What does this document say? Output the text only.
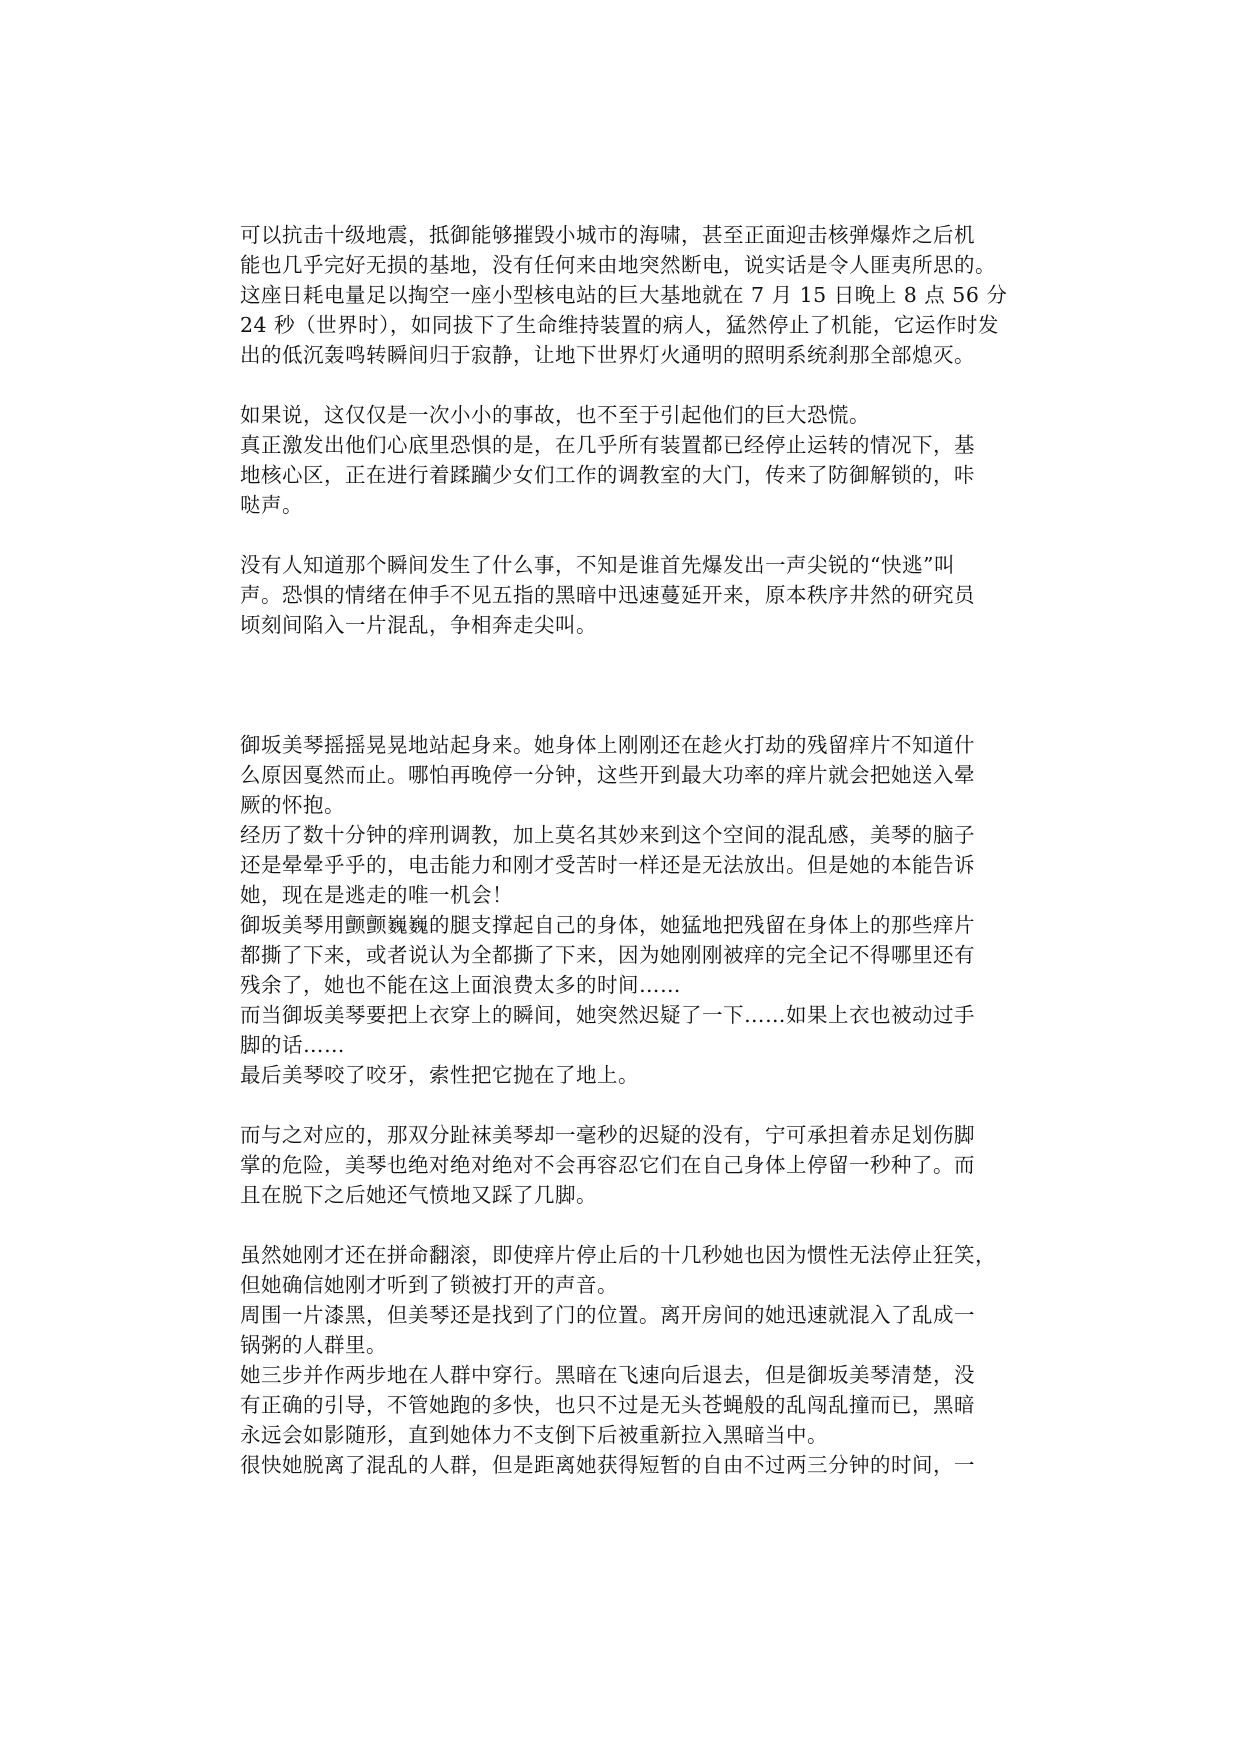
可以抗击十级地震，抵御能够摧毁小城市的海啸，甚至正面迎击核弹爆炸之后机
能也几乎完好无损的基地，没有任何来由地突然断电，说实话是令人匪夷所思的。
这座日耗电量足以掏空一座小型核电站的巨大基地就在 7 月 15 日晚上 8 点 56 分
24 秒（世界时），如同拔下了生命维持装置的病人，猛然停止了机能，它运作时发
出的低沉轰鸣转瞬间归于寂静，让地下世界灯火通明的照明系统刹那全部熄灭。
如果说，这仅仅是一次小小的事故，也不至于引起他们的巨大恐慌。
真正激发出他们心底里恐惧的是，在几乎所有装置都已经停止运转的情况下，基
地核心区，正在进行着蹂躏少女们工作的调教室的大门，传来了防御解锁的，咔
哒声。
没有人知道那个瞬间发生了什么事，不知是谁首先爆发出一声尖锐的“快逃”叫
声。恐惧的情绪在伸手不见五指的黑暗中迅速蔓延开来，原本秩序井然的研究员
顷刻间陷入一片混乱，争相奔走尖叫。
御坂美琴摇摇晃晃地站起身来。她身体上刚刚还在趁火打劫的残留痒片不知道什
么原因戛然而止。哪怕再晚停一分钟，这些开到最大功率的痒片就会把她送入晕
厥的怀抱。
经历了数十分钟的痒刑调教，加上莫名其妙来到这个空间的混乱感，美琴的脑子
还是晕晕乎乎的，电击能力和刚才受苦时一样还是无法放出。但是她的本能告诉
她，现在是逃走的唯一机会！
御坂美琴用颤颤巍巍的腿支撑起自己的身体，她猛地把残留在身体上的那些痒片
都撕了下来，或者说认为全都撕了下来，因为她刚刚被痒的完全记不得哪里还有
残余了，她也不能在这上面浪费太多的时间……
而当御坂美琴要把上衣穿上的瞬间，她突然迟疑了一下……如果上衣也被动过手
脚的话……
最后美琴咬了咬牙，索性把它抛在了地上。
而与之对应的，那双分趾袜美琴却一毫秒的迟疑的没有，宁可承担着赤足划伤脚
掌的危险，美琴也绝对绝对绝对不会再容忍它们在自己身体上停留一秒种了。而
且在脱下之后她还气愤地又踩了几脚。
虽然她刚才还在拼命翻滚，即使痒片停止后的十几秒她也因为惯性无法停止狂笑，
但她确信她刚才听到了锁被打开的声音。
周围一片漆黑，但美琴还是找到了门的位置。离开房间的她迅速就混入了乱成一
锅粥的人群里。
她三步并作两步地在人群中穿行。黑暗在飞速向后退去，但是御坂美琴清楚，没
有正确的引导，不管她跑的多快，也只不过是无头苍蝇般的乱闯乱撞而已，黑暗
永远会如影随形，直到她体力不支倒下后被重新拉入黑暗当中。
很快她脱离了混乱的人群，但是距离她获得短暂的自由不过两三分钟的时间，一
